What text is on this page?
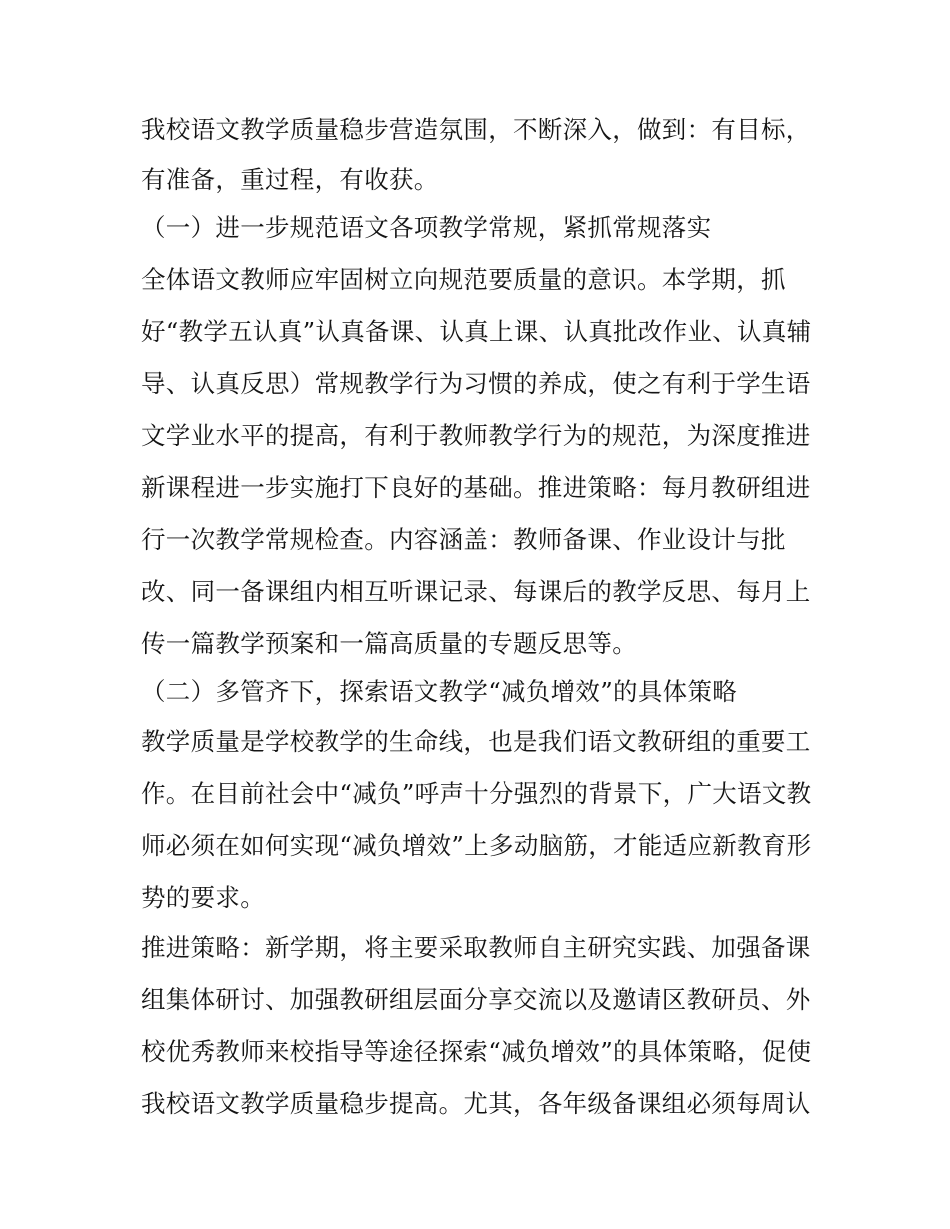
我校语文教学质量稳步营造氛围，不断深入，做到：有目标，
有准备，重过程，有收获。
（一）进一步规范语文各项教学常规，紧抓常规落实
全体语文教师应牢固树立向规范要质量的意识。本学期，抓
好“教学五认真”认真备课、认真上课、认真批改作业、认真辅
导、认真反思）常规教学行为习惯的养成，使之有利于学生语
文学业水平的提高，有利于教师教学行为的规范，为深度推进
新课程进一步实施打下良好的基础。推进策略：每月教研组进
行一次教学常规检查。内容涵盖：教师备课、作业设计与批
改、同一备课组内相互听课记录、每课后的教学反思、每月上
传一篇教学预案和一篇高质量的专题反思等。
（二）多管齐下，探索语文教学“减负增效”的具体策略
教学质量是学校教学的生命线，也是我们语文教研组的重要工
作。在目前社会中“减负”呼声十分强烈的背景下，广大语文教
师必须在如何实现“减负增效”上多动脑筋，才能适应新教育形
势的要求。
推进策略：新学期，将主要采取教师自主研究实践、加强备课
组集体研讨、加强教研组层面分享交流以及邀请区教研员、外
校优秀教师来校指导等途径探索“减负增效”的具体策略，促使
我校语文教学质量稳步提高。尤其，各年级备课组必须每周认
